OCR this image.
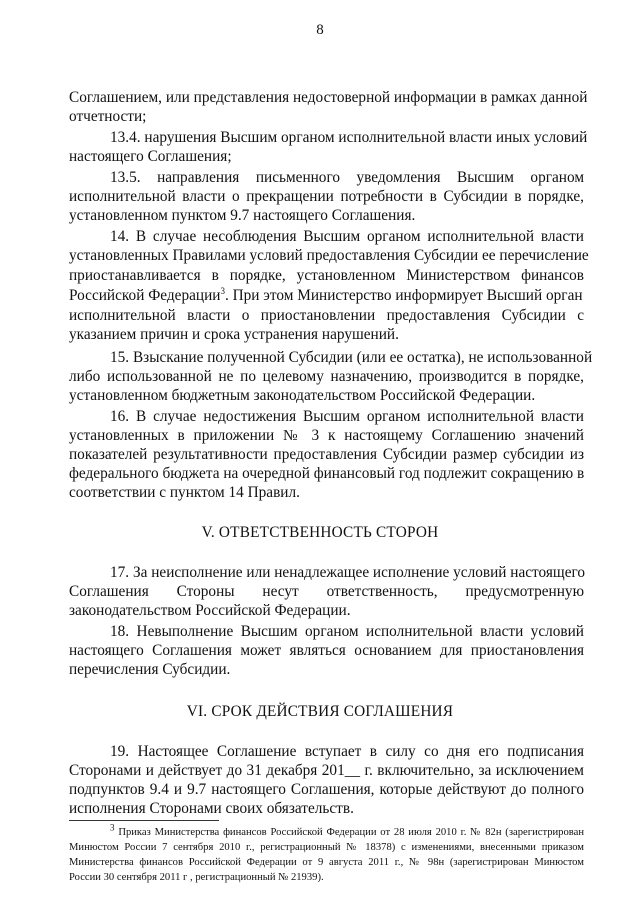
8
Соглашением, или представления недостоверной информации в рамках данной
отчетности;
13.4. нарушения Высшим органом исполнительной власти иных условий
настоящего Соглашения;
13.5. направления письменного уведомления Высшим органом
исполнительной власти о прекращении потребности в Субсидии в порядке,
установленном пунктом 9.7 настоящего Соглашения.
14. В случае несоблюдения Высшим органом исполнительной власти
установленных Правилами условий предоставления Субсидии ее перечисление
приостанавливается в порядке, установленном Министерством финансов
Российской Федерации$^3$. При этом Министерство информирует Высший орган
исполнительной власти о приостановлении предоставления Субсидии с
указанием причин и срока устранения нарушений.
15. Взыскание полученной Субсидии (или ее остатка), не использованной
либо использованной не по целевому назначению, производится в порядке,
установленном бюджетным законодательством Российской Федерации.
16. В случае недостижения Высшим органом исполнительной власти
установленных в приложении № 3 к настоящему Соглашению значений
показателей результативности предоставления Субсидии размер субсидии из
федерального бюджета на очередной финансовый год подлежит сокращению в
соответствии с пунктом 14 Правил.
V. ОТВЕТСТВЕННОСТЬ СТОРОН
17. За неисполнение или ненадлежащее исполнение условий настоящего
Соглашения Стороны несут ответственность, предусмотренную
законодательством Российской Федерации.
18. Невыполнение Высшим органом исполнительной власти условий
настоящего Соглашения может являться основанием для приостановления
перечисления Субсидии.
VI. СРОК ДЕЙСТВИЯ СОГЛАШЕНИЯ
19. Настоящее Соглашение вступает в силу со дня его подписания
Сторонами и действует до 31 декабря 201__ г. включительно, за исключением
подпунктов 9.4 и 9.7 настоящего Соглашения, которые действуют до полного
исполнения Сторонами своих обязательств.
$^3$ Приказ Министерства финансов Российской Федерации от 28 июля 2010 г. № 82н (зарегистрирован
Минюстом России 7 сентября 2010 г., регистрационный № 18378) с изменениями, внесенными приказом
Министерства финансов Российской Федерации от 9 августа 2011 г., № 98н (зарегистрирован Минюстом
России 30 сентября 2011 г , регистрационный № 21939).
